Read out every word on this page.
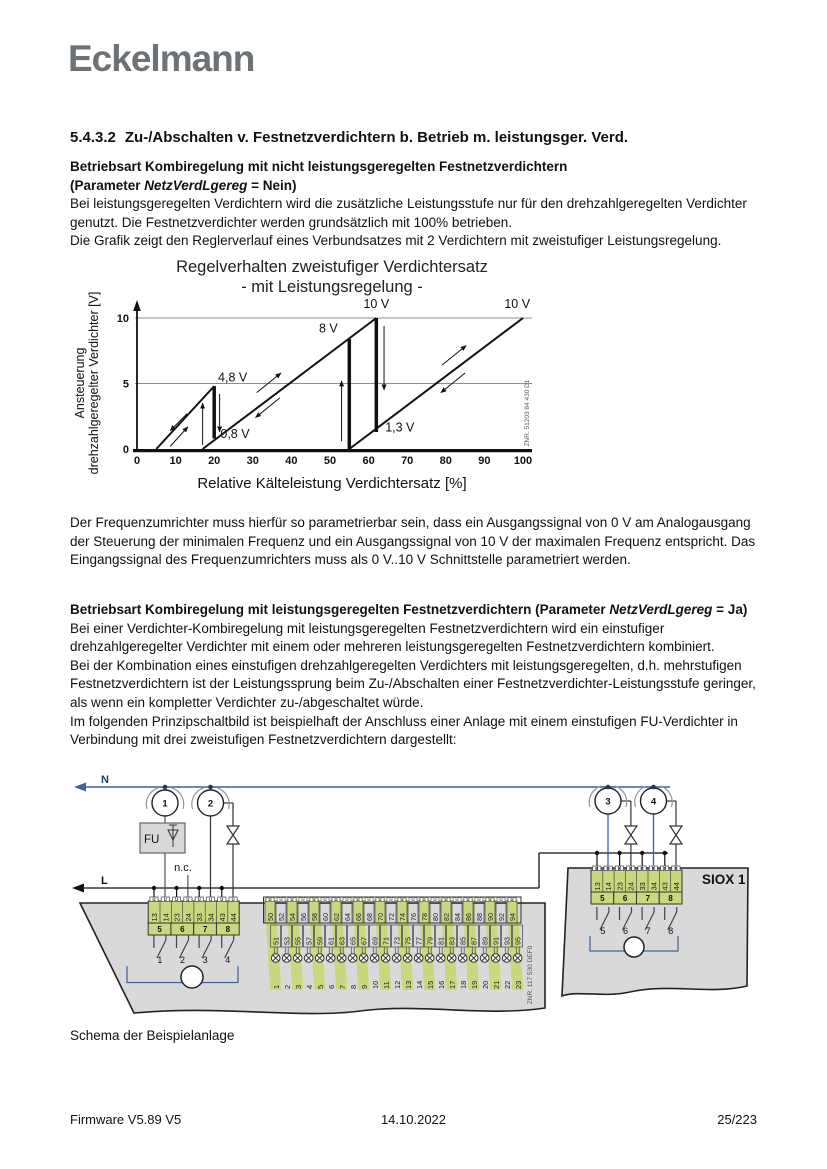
Eckelmann
5.4.3.2 Zu-/Abschalten v. Festnetzverdichtern b. Betrieb m. leistungsger. Verd.

Betriebsart Kombiregelung mit nicht leistungsgeregelten Festnetzverdichtern
(Parameter NetzVerdLgereg = Nein)

Bei leistungsgeregelten Verdichtern wird die zusätzliche Leistungsstufe nur für den drehzahlgeregelten Verdichter genutzt. Die Festnetzverdichter werden grundsätzlich mit 100% betrieben.

Die Grafik zeigt den Reglerverlauf eines Verbundsatzes mit 2 Verdichtern mit zweistufiger Leistungsregelung.

0
5
10
0	10 20 30 40 50 60 70 80 90 100
4,8 V
0,8 V
8 V
10 V	10 V
1,3 V
Regelverhalten zweistufiger Verdichtersatz
- mit Leistungsregelung -
Relative Kälteleistung Verdichtersatz [%]
Ansteuerung drehzahlgeregelter Verdichter [V]	ZNR. 51203 84 430 D1

Der Frequenzumrichter muss hierfür so parametrierbar sein, dass ein Ausgangssignal von 0 V am Analogausgang der Steuerung der minimalen Frequenz und ein Ausgangssignal von 10 V der maximalen Frequenz entspricht. Das Eingangssignal des Frequenzumrichters muss als 0 V..10 V Schnittstelle parametriert werden.

Betriebsart Kombiregelung mit leistungsgeregelten Festnetzverdichtern (Parameter NetzVerdLgereg = Ja)

Bei einer Verdichter-Kombiregelung mit leistungsgeregelten Festnetzverdichtern wird ein einstufiger drehzahlgeregelter Verdichter mit einem oder mehreren leistungsgeregelten Festnetzverdichtern kombiniert.

Bei der Kombination eines einstufigen drehzahlgeregelten Verdichters mit leistungsgeregelten, d.h. mehrstufigen Festnetzverdichtern ist der Leistungssprung beim Zu-/Abschalten einer Festnetzverdichter-Leistungsstufe geringer, als wenn ein kompletter Verdichter zu-/abgeschaltet würde.

Im folgenden Prinzipschaltbild ist beispielhaft der Anschluss einer Anlage mit einem einstufigen FU-Verdichter in Verbindung mit drei zweistufigen Festnetzverdichtern dargestellt:

N
L
FU
1	2	3	4
n.c.
13 14 23 24 33 34 43 44
5 6 7 8
13 14 23 24 33 34 43 44
5 6 7 8
50
51
1
52
53
2
54
55
3
56
57
4
58
59
5
60
61
6
62
63
7
64
65
8
66
67
9
68
69
10
70
71
11
72
73
12
74
75
13
76
77
14
78
79
15
80
81
16
82
83
17
84
85
18
86
87
19
88
89
20
90
91
21
92
93
22
94
95
23
1 2 3 4
5 6 7 8
SIOX 1
ZNR. 117 530 DEF0
Schema der Beispielanlage
Firmware V5.89 V5	14.10.2022	25/223
